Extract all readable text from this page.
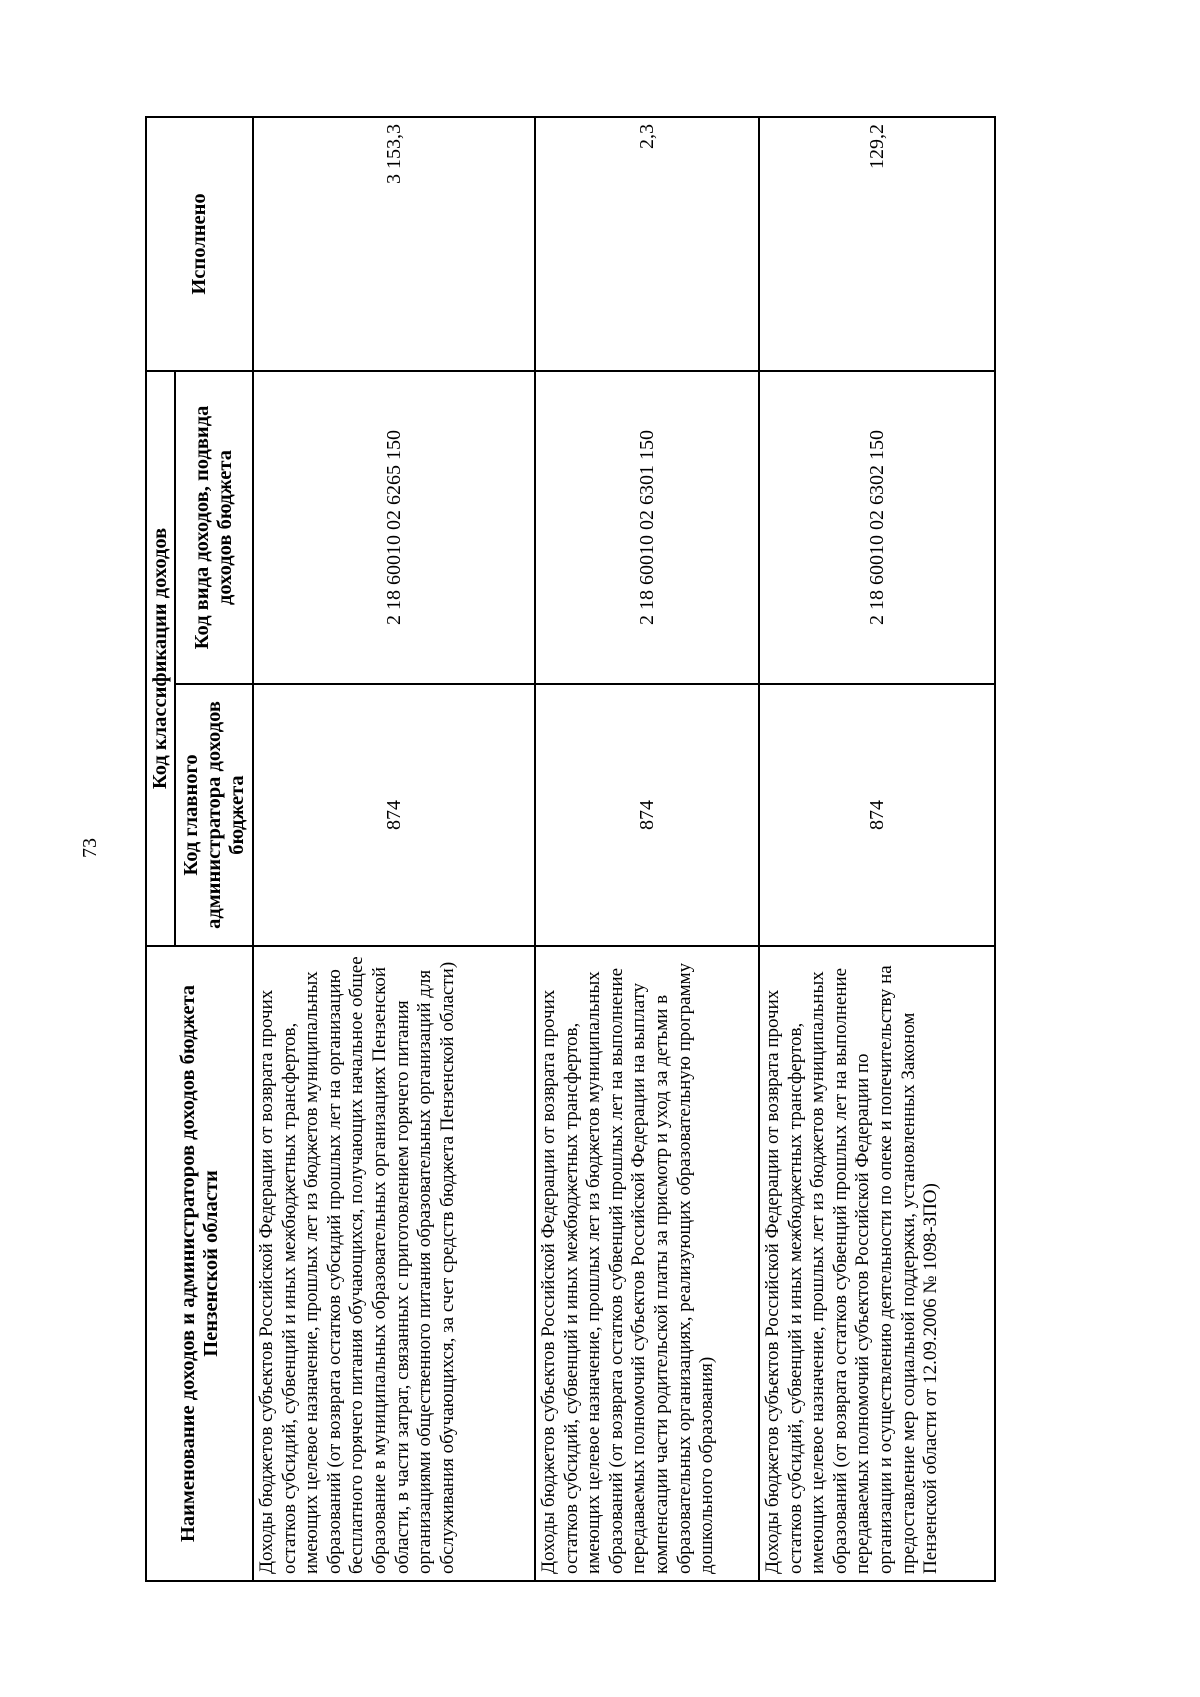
73
Наименование доходов и администраторов доходов бюджета Пензенской области	Код классификации доходов		Исполнено
	Код главного администратора доходов бюджета	Код вида доходов, подвида доходов бюджета	
Доходы бюджетов субъектов Российской Федерации от возврата прочих остатков субсидий, субвенций и иных межбюджетных трансфертов, имеющих целевое назначение, прошлых лет из бюджетов муниципальных образований (от возврата остатков субсидий прошлых лет на организацию бесплатного горячего питания обучающихся, получающих начальное общее образование в муниципальных образовательных организациях Пензенской области, в части затрат, связанных с приготовлением горячего питания организациями общественного питания образовательных организаций для обслуживания обучающихся, за счет средств бюджета Пензенской области)	874	2 18 60010 02 6265 150	3 153,3
Доходы бюджетов субъектов Российской Федерации от возврата прочих остатков субсидий, субвенций и иных межбюджетных трансфертов, имеющих целевое назначение, прошлых лет из бюджетов муниципальных образований (от возврата остатков субвенций прошлых лет на выполнение передаваемых полномочий субъектов Российской Федерации на выплату компенсации части родительской платы за присмотр и уход за детьми в образовательных организациях, реализующих образовательную программу дошкольного образования)	874	2 18 60010 02 6301 150	2,3
Доходы бюджетов субъектов Российской Федерации от возврата прочих остатков субсидий, субвенций и иных межбюджетных трансфертов, имеющих целевое назначение, прошлых лет из бюджетов муниципальных образований (от возврата остатков субвенций прошлых лет на выполнение передаваемых полномочий субъектов Российской Федерации по организации и осуществлению деятельности по опеке и попечительству на предоставление мер социальной поддержки, установленных Законом Пензенской области от 12.09.2006 № 1098-ЗПО)	874	2 18 60010 02 6302 150	129,2
